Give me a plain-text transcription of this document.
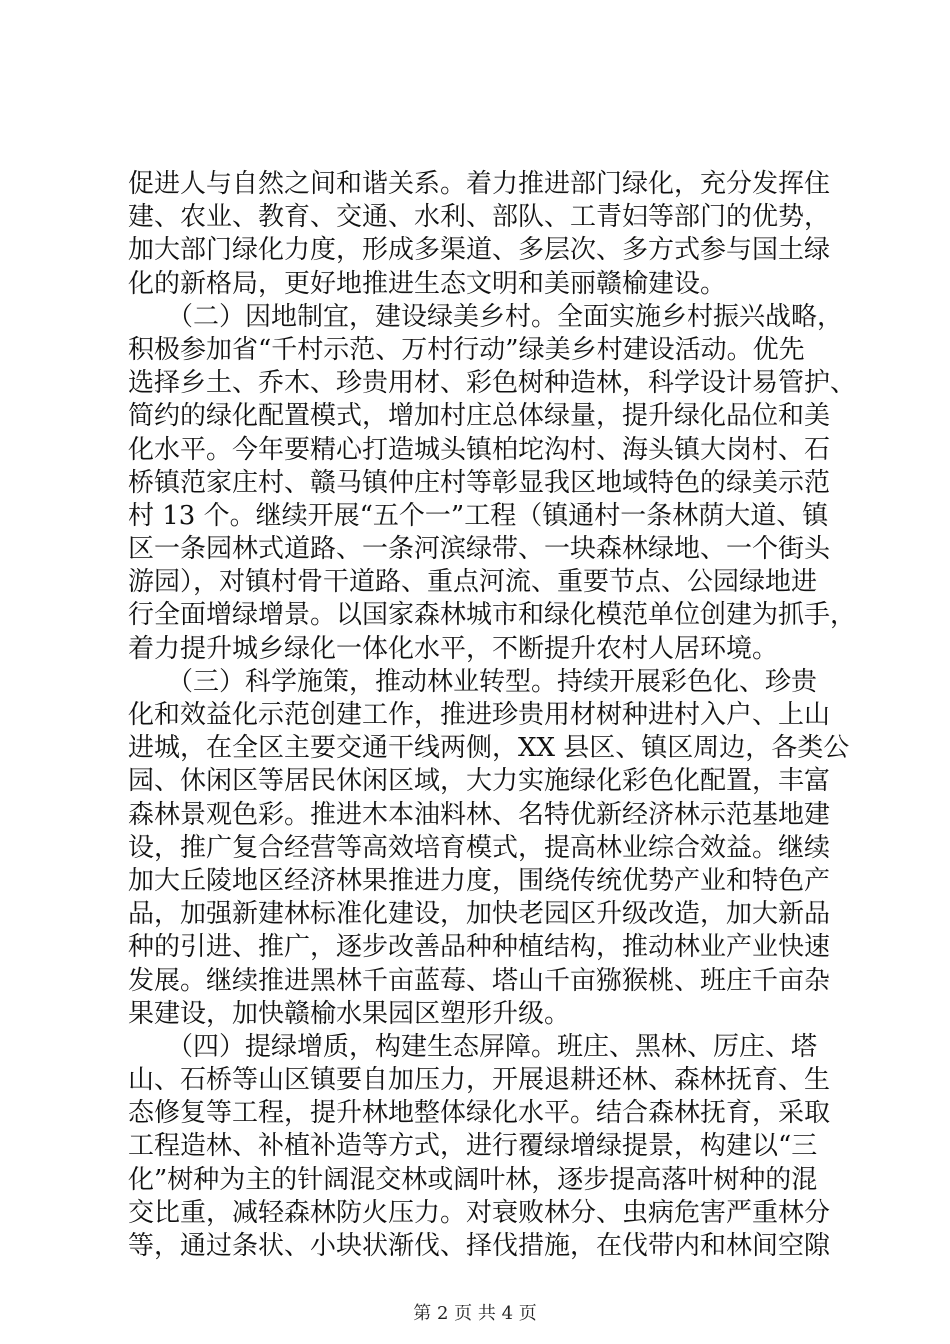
促进人与自然之间和谐关系。着力推进部门绿化，充分发挥住
建、农业、教育、交通、水利、部队、工青妇等部门的优势，
加大部门绿化力度，形成多渠道、多层次、多方式参与国土绿
化的新格局，更好地推进生态文明和美丽赣榆建设。
　　（二）因地制宜，建设绿美乡村。全面实施乡村振兴战略，
积极参加省“千村示范、万村行动”绿美乡村建设活动。优先
选择乡土、乔木、珍贵用材、彩色树种造林，科学设计易管护、
简约的绿化配置模式，增加村庄总体绿量，提升绿化品位和美
化水平。今年要精心打造城头镇柏坨沟村、海头镇大岗村、石
桥镇范家庄村、赣马镇仲庄村等彰显我区地域特色的绿美示范
村 13 个。继续开展“五个一”工程（镇通村一条林荫大道、镇
区一条园林式道路、一条河滨绿带、一块森林绿地、一个街头
游园），对镇村骨干道路、重点河流、重要节点、公园绿地进
行全面增绿增景。以国家森林城市和绿化模范单位创建为抓手，
着力提升城乡绿化一体化水平，不断提升农村人居环境。
　　（三）科学施策，推动林业转型。持续开展彩色化、珍贵
化和效益化示范创建工作，推进珍贵用材树种进村入户、上山
进城，在全区主要交通干线两侧，XX 县区、镇区周边，各类公
园、休闲区等居民休闲区域，大力实施绿化彩色化配置，丰富
森林景观色彩。推进木本油料林、名特优新经济林示范基地建
设，推广复合经营等高效培育模式，提高林业综合效益。继续
加大丘陵地区经济林果推进力度，围绕传统优势产业和特色产
品，加强新建林标准化建设，加快老园区升级改造，加大新品
种的引进、推广，逐步改善品种种植结构，推动林业产业快速
发展。继续推进黑林千亩蓝莓、塔山千亩猕猴桃、班庄千亩杂
果建设，加快赣榆水果园区塑形升级。
　　（四）提绿增质，构建生态屏障。班庄、黑林、厉庄、塔
山、石桥等山区镇要自加压力，开展退耕还林、森林抚育、生
态修复等工程，提升林地整体绿化水平。结合森林抚育，采取
工程造林、补植补造等方式，进行覆绿增绿提景，构建以“三
化”树种为主的针阔混交林或阔叶林，逐步提高落叶树种的混
交比重，减轻森林防火压力。对衰败林分、虫病危害严重林分
等，通过条状、小块状渐伐、择伐措施，在伐带内和林间空隙
第 2 页 共 4 页
